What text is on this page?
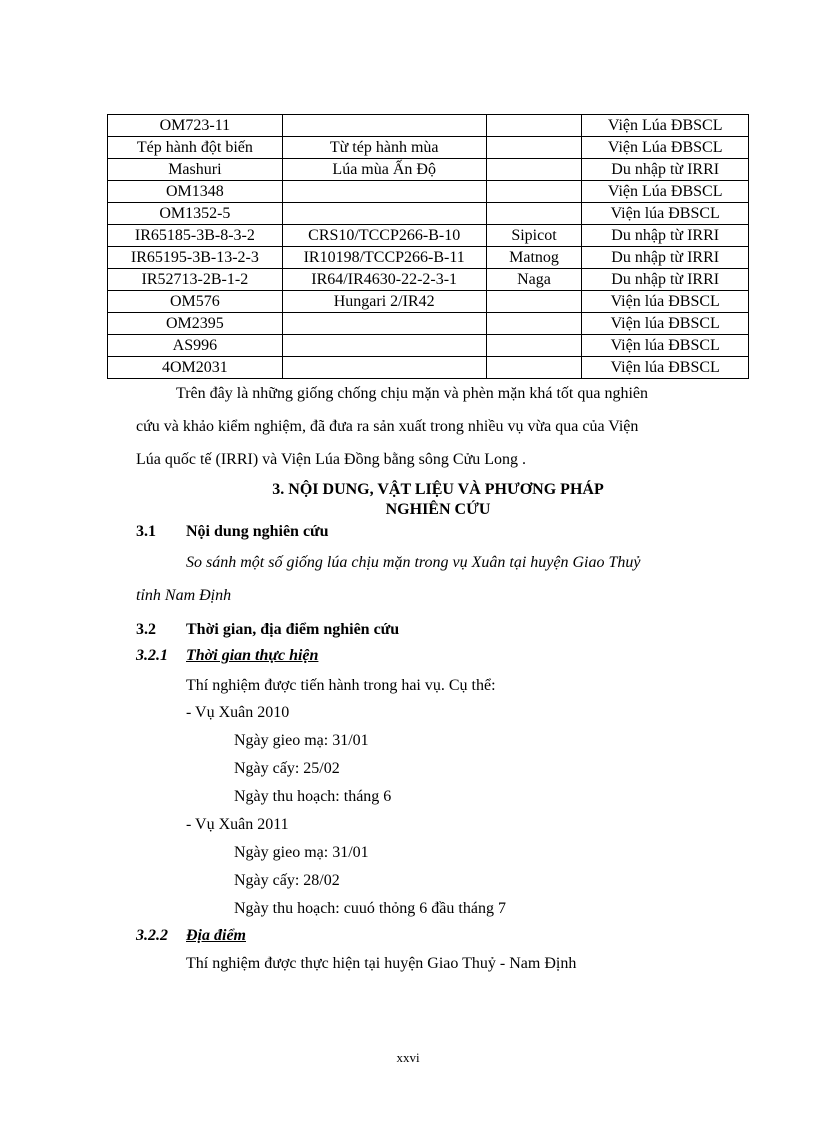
OM723-11			Viện Lúa ĐBSCL
Tép hành đột biến	Từ tép hành mùa		Viện Lúa ĐBSCL
Mashuri	Lúa mùa Ấn Độ		Du nhập từ IRRI
OM1348			Viện Lúa ĐBSCL
OM1352-5			Viện lúa ĐBSCL
IR65185-3B-8-3-2	CRS10/TCCP266-B-10	Sipicot	Du nhập từ IRRI
IR65195-3B-13-2-3	IR10198/TCCP266-B-11	Matnog	Du nhập từ IRRI
IR52713-2B-1-2	IR64/IR4630-22-2-3-1	Naga	Du nhập từ IRRI
OM576	Hungari 2/IR42		Viện lúa ĐBSCL
OM2395			Viện lúa ĐBSCL
AS996			Viện lúa ĐBSCL
4OM2031			Viện lúa ĐBSCL
Trên đây là những giống chống chịu mặn và phèn mặn khá tốt qua nghiên
cứu và khảo kiểm nghiệm, đã đưa ra sản xuất trong nhiều vụ vừa qua của Viện
Lúa quốc tế (IRRI) và Viện Lúa Đồng bằng sông Cửu Long .
3. NỘI DUNG, VẬT LIỆU VÀ PHƯƠNG PHÁP
NGHIÊN CỨU
3.1 Nội dung nghiên cứu
So sánh một số giống lúa chịu mặn trong vụ Xuân tại huyện Giao Thuỷ
tỉnh Nam Định
3.2 Thời gian, địa điểm nghiên cứu
3.2.1 Thời gian thực hiện
Thí nghiệm được tiến hành trong hai vụ. Cụ thể:
- Vụ Xuân 2010
Ngày gieo mạ: 31/01
Ngày cấy: 25/02
Ngày thu hoạch: tháng 6
- Vụ Xuân 2011
Ngày gieo mạ: 31/01
Ngày cấy: 28/02
Ngày thu hoạch: cuuó thỏng 6 đầu tháng 7
3.2.2 Địa điểm
Thí nghiệm được thực hiện tại huyện Giao Thuỷ - Nam Định
xxvi
